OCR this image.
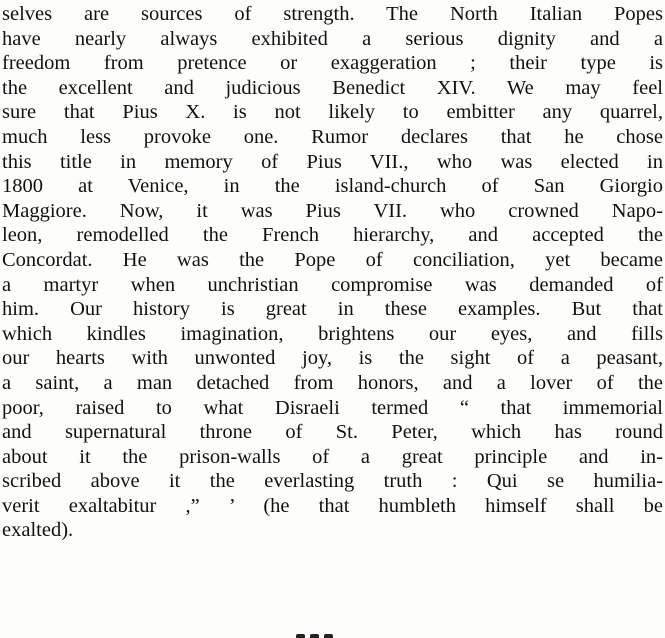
selves are sources of strength. The North Italian Popes
have nearly always exhibited a serious dignity and a
freedom from pretence or exaggeration ; their type is
the excellent and judicious Benedict XIV. We may feel
sure that Pius X. is not likely to embitter any quarrel,
much less provoke one. Rumor declares that he chose
this title in memory of Pius VII., who was elected in
1800 at Venice, in the island-church of San Giorgio
Maggiore. Now, it was Pius VII. who crowned Napo-
leon, remodelled the French hierarchy, and accepted the
Concordat. He was the Pope of conciliation, yet became
a martyr when unchristian compromise was demanded of
him. Our history is great in these examples. But that
which kindles imagination, brightens our eyes, and fills
our hearts with unwonted joy, is the sight of a peasant,
a saint, a man detached from honors, and a lover of the
poor, raised to what Disraeli termed “ that immemorial
and supernatural throne of St. Peter, which has round
about it the prison-walls of a great principle and in-
scribed above it the everlasting truth : Qui se humilia-
verit exaltabitur ,” ’ (he that humbleth himself shall be
exalted).
